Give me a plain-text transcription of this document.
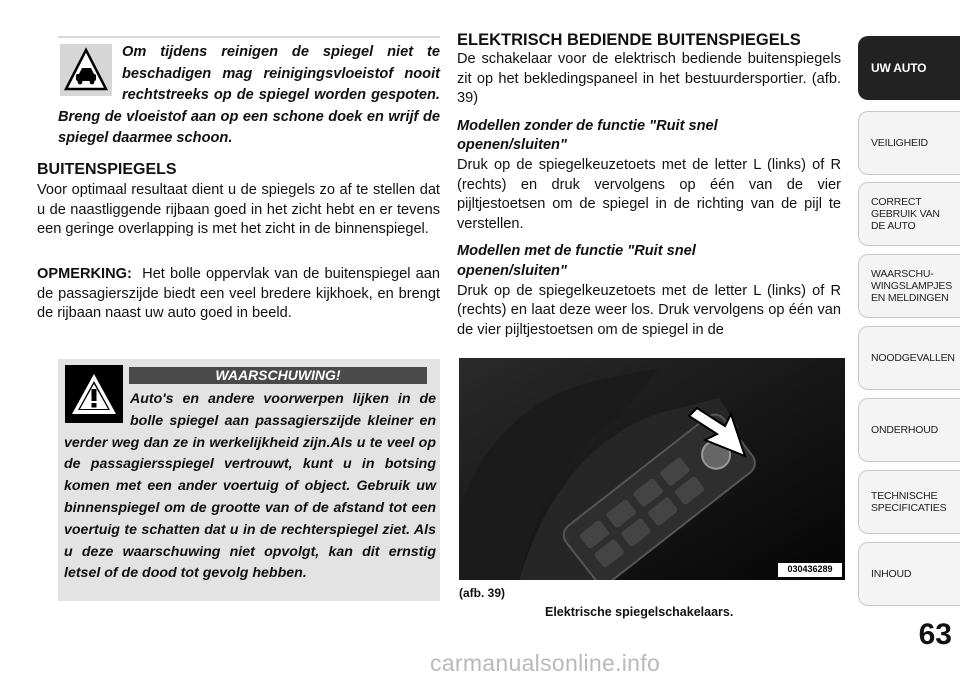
Om tijdens reinigen de spiegel niet te beschadigen mag reinigingsvloeistof nooit rechtstreeks op de spiegel worden gespoten. Breng de vloeistof aan op een schone doek en wrijf de spiegel daarmee schoon.
BUITENSPIEGELS
Voor optimaal resultaat dient u de spiegels zo af te stellen dat u de naastliggende rijbaan goed in het zicht hebt en er tevens een geringe overlapping is met het zicht in de binnenspiegel.
OPMERKING: Het bolle oppervlak van de buitenspiegel aan de passagierszijde biedt een veel bredere kijkhoek, en brengt de rijbaan naast uw auto goed in beeld.
WAARSCHUWING!
Auto's en andere voorwerpen lijken in de bolle spiegel aan passagierszijde kleiner en verder weg dan ze in werkelijkheid zijn.Als u te veel op de passagiersspiegel vertrouwt, kunt u in botsing komen met een ander voertuig of object. Gebruik uw binnenspiegel om de grootte van of de afstand tot een voertuig te schatten dat u in de rechterspiegel ziet. Als u deze waarschuwing niet opvolgt, kan dit ernstig letsel of de dood tot gevolg hebben.
ELEKTRISCH BEDIENDE BUITENSPIEGELS
De schakelaar voor de elektrisch bediende buitenspiegels zit op het bekledingspaneel in het bestuurdersportier. (afb. 39)
Modellen zonder de functie "Ruit snel openen/sluiten"
Druk op de spiegelkeuzetoets met de letter L (links) of R (rechts) en druk vervolgens op één van de vier pijltjestoetsen om de spiegel in de richting van de pijl te verstellen.
Modellen met de functie "Ruit snel openen/sluiten"
Druk op de spiegelkeuzetoets met de letter L (links) of R (rechts) en laat deze weer los. Druk vervolgens op één van de vier pijltjestoetsen om de spiegel in de
030436289
(afb. 39)
Elektrische spiegelschakelaars.
UW AUTO
VEILIGHEID
CORRECT
GEBRUIK VAN
DE AUTO
WAARSCHU-
WINGSLAMPJES
EN MELDINGEN
NOODGEVALLEN
ONDERHOUD
TECHNISCHE
SPECIFICATIES
INHOUD
63
carmanualsonline.info
